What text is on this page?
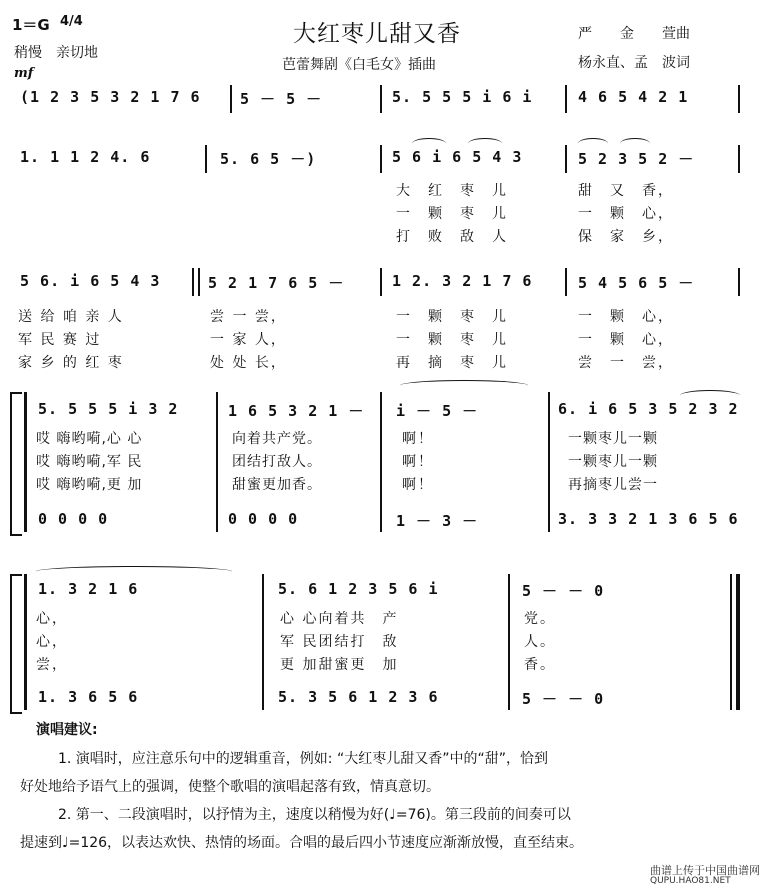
1＝G 4/4
稍慢　亲切地
mf
大红枣儿甜又香
芭蕾舞剧《白毛女》插曲
严　　金　　萱曲
杨永直、孟　波词
(1 2 3 5 3 2 1 7 6	5 － 5 －	5. 5 5 5 i 6 i	4 6 5 4 2 1
1. 1 1 2 4. 6	5. 6 5 －)	5 6 i 6 5 4 3	5 2 3 5 2 －
大　红　枣　儿	甜　又　香，
一　颗　枣　儿	一　颗　心，
打　败　敌　人	保　家　乡，
5 6. i 6 5 4 3	5 2 1 7 6 5 －	1 2. 3 2 1 7 6	5 4 5 6 5 －
送 给 咱 亲 人	尝 一 尝，	一　颗　枣　儿	一　颗　心，
军 民 赛 过	一 家 人，	一　颗　枣　儿	一　颗　心，
家 乡 的 红 枣	处 处 长，	再　摘　枣　儿	尝　一　尝，
5. 5 5 5 i 3 2	1 6 5 3 2 1 － i － 5 －	6. i 6 5 3 5 2 3 2
哎 嗨哟嗬,心 心	向着共产党。	啊！	一颗枣儿一颗
哎 嗨哟嗬,军 民	团结打敌人。	啊！	一颗枣儿一颗
哎 嗨哟嗬,更 加	甜蜜更加香。	啊！	再摘枣儿尝一
0 0 0 0	0 0 0 0	1 － 3 －	3. 3 3 2 1 3 6 5 6
1. 3 2 1 6	5. 6 1 2 3 5 6 i	5 － － 0
心，	心 心向着共　产	党。
心，	军 民团结打　敌	人。
尝，	更 加甜蜜更　加	香。
1. 3 6 5 6	5. 3 5 6 1 2 3 6	5 － － 0
演唱建议:
1. 演唱时，应注意乐句中的逻辑重音，例如: “大红枣儿甜又香”中的“甜”，恰到
好处地给予语气上的强调，使整个歌唱的演唱起落有致，情真意切。
2. 第一、二段演唱时，以抒情为主，速度以稍慢为好(♩=76)。第三段前的间奏可以
提速到♩=126，以表达欢快、热情的场面。合唱的最后四小节速度应渐渐放慢，直至结束。
曲谱上传于中国曲谱网
QUPU.HAO81.NET
